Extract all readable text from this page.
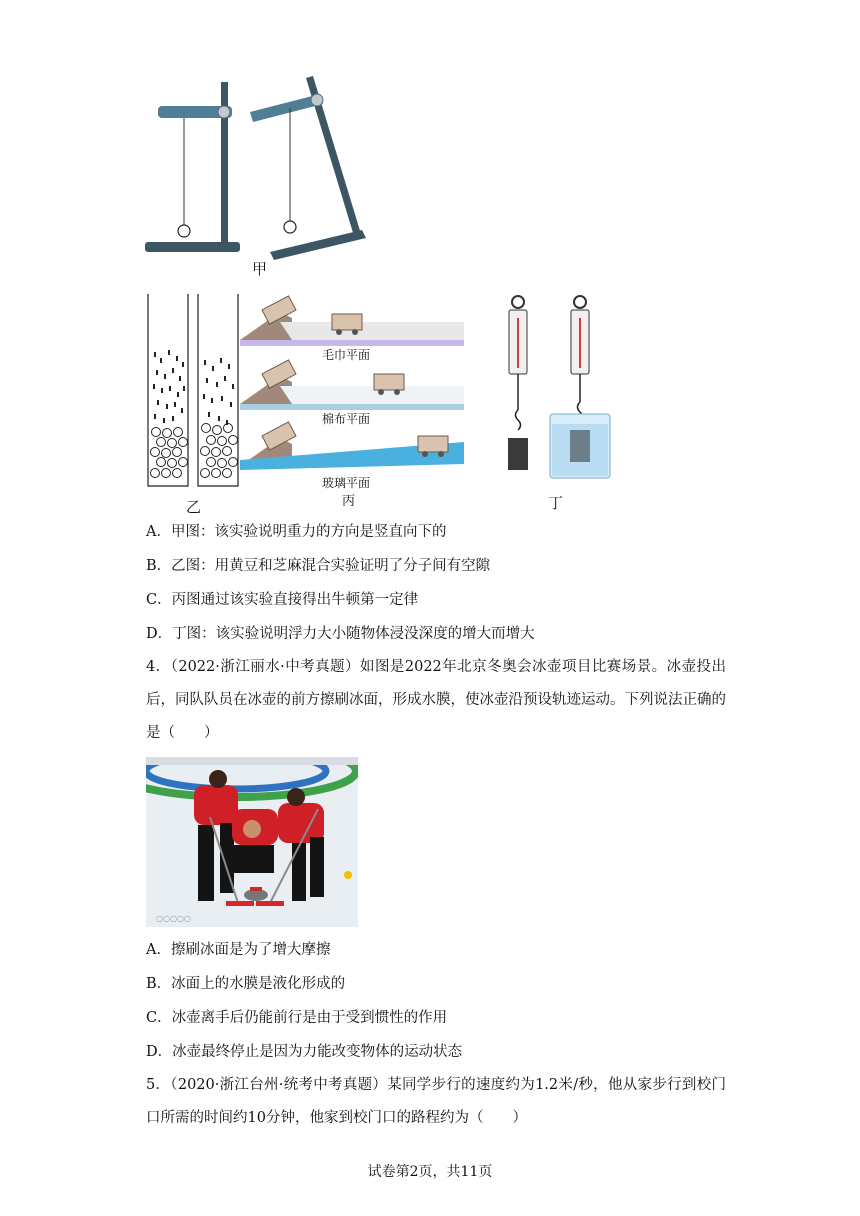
甲
乙
毛巾平面
棉布平面
玻璃平面
丙	丁
A．甲图：该实验说明重力的方向是竖直向下的
B．乙图：用黄豆和芝麻混合实验证明了分子间有空隙
C．丙图通过该实验直接得出牛顿第一定律
D．丁图：该实验说明浮力大小随物体浸没深度的增大而增大
4．（2022·浙江丽水·中考真题）如图是2022年北京冬奥会冰壶项目比赛场景。冰壶投出后，同队队员在冰壶的前方擦刷冰面，形成水膜，使冰壶沿预设轨迹运动。下列说法正确的是（　　）
○○○○○
A．擦刷冰面是为了增大摩擦
B．冰面上的水膜是液化形成的
C．冰壶离手后仍能前行是由于受到惯性的作用
D．冰壶最终停止是因为力能改变物体的运动状态
5．（2020·浙江台州·统考中考真题）某同学步行的速度约为1.2米/秒，他从家步行到校门口所需的时间约10分钟，他家到校门口的路程约为（　　）
试卷第2页，共11页
